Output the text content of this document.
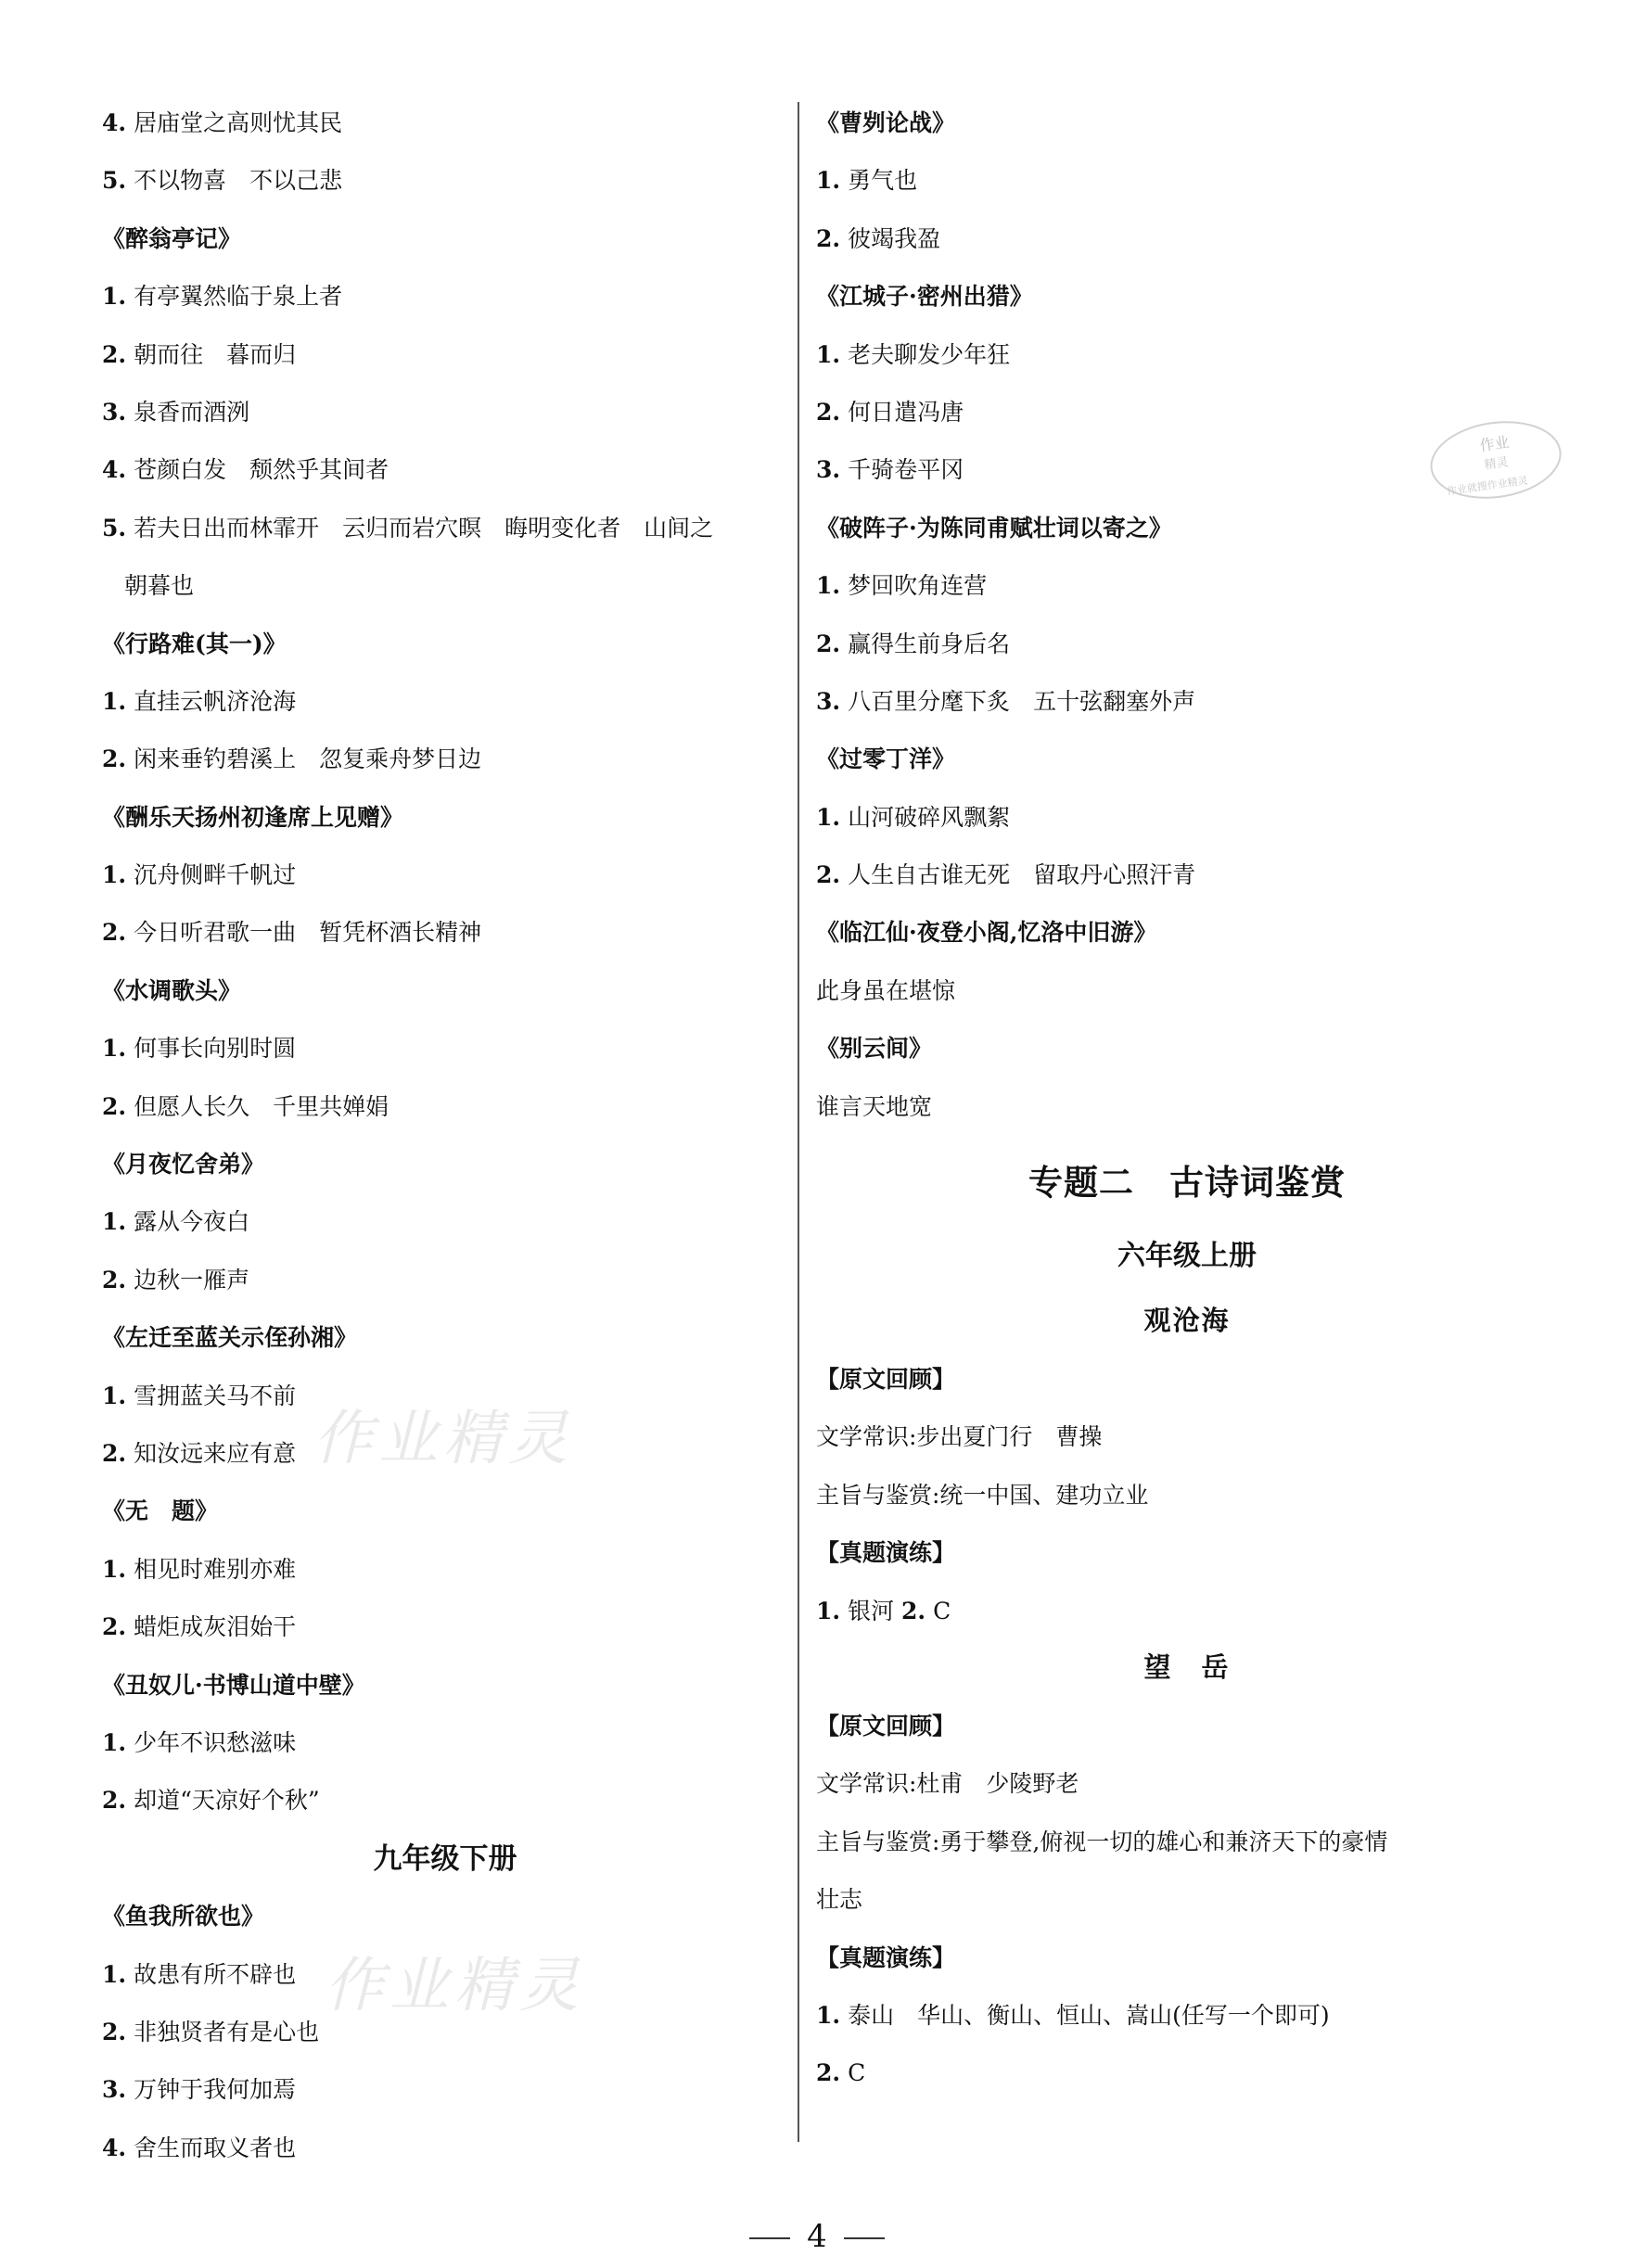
作业精灵
作业精灵
4. 居庙堂之高则忧其民
5. 不以物喜　不以己悲
《醉翁亭记》
1. 有亭翼然临于泉上者
2. 朝而往　暮而归
3. 泉香而酒洌
4. 苍颜白发　颓然乎其间者
5. 若夫日出而林霏开　云归而岩穴暝　晦明变化者　山间之
朝暮也
《行路难(其一)》
1. 直挂云帆济沧海
2. 闲来垂钓碧溪上　忽复乘舟梦日边
《酬乐天扬州初逢席上见赠》
1. 沉舟侧畔千帆过
2. 今日听君歌一曲　暂凭杯酒长精神
《水调歌头》
1. 何事长向别时圆
2. 但愿人长久　千里共婵娟
《月夜忆舍弟》
1. 露从今夜白
2. 边秋一雁声
《左迁至蓝关示侄孙湘》
1. 雪拥蓝关马不前
2. 知汝远来应有意
《无　题》
1. 相见时难别亦难
2. 蜡炬成灰泪始干
《丑奴儿·书博山道中壁》
1. 少年不识愁滋味
2. 却道“天凉好个秋”
九年级下册
《鱼我所欲也》
1. 故患有所不辟也
2. 非独贤者有是心也
3. 万钟于我何加焉
4. 舍生而取义者也
《曹刿论战》
1. 勇气也
2. 彼竭我盈
《江城子·密州出猎》
1. 老夫聊发少年狂
2. 何日遣冯唐
3. 千骑卷平冈
《破阵子·为陈同甫赋壮词以寄之》
1. 梦回吹角连营
2. 赢得生前身后名
3. 八百里分麾下炙　五十弦翻塞外声
《过零丁洋》
1. 山河破碎风飘絮
2. 人生自古谁无死　留取丹心照汗青
《临江仙·夜登小阁,忆洛中旧游》
此身虽在堪惊
《别云间》
谁言天地宽
专题二　古诗词鉴赏
六年级上册
观沧海
【原文回顾】
文学常识:步出夏门行　曹操
主旨与鉴赏:统一中国、建功立业
【真题演练】
1. 银河 2. C
望　岳
【原文回顾】
文学常识:杜甫　少陵野老
主旨与鉴赏:勇于攀登,俯视一切的雄心和兼济天下的豪情
壮志
【真题演练】
1. 泰山　华山、衡山、恒山、嵩山(任写一个即可)
2. C
作业
精灵
作业就搜作业精灵
4
